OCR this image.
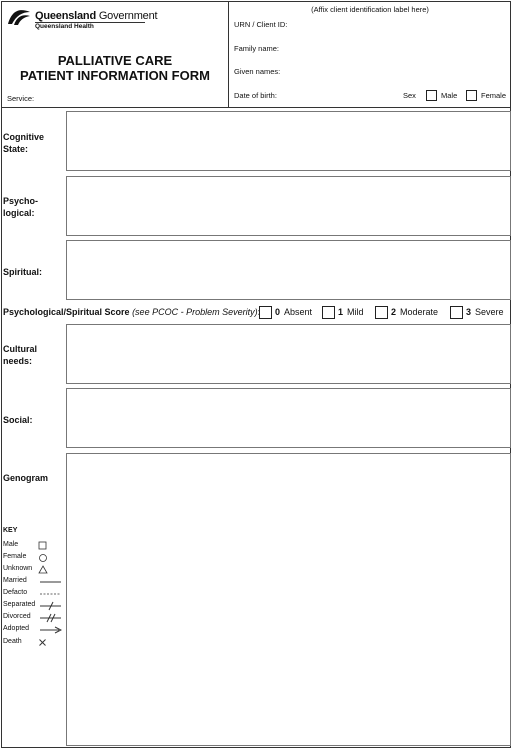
Queensland Government
Queensland Health
PALLIATIVE CARE
PATIENT INFORMATION FORM
Service:
(Affix client identification label here)
URN / Client ID:
Family name:
Given names:
Date of birth:	Sex	Male	Female
Cognitive State:
Psycho- logical:
Spiritual:
Psychological/Spiritual Score (see PCOC - Problem Severity)	0 Absent	1 Mild	2 Moderate	3 Severe
Cultural needs:
Social:
Genogram
KEY
Male
Female
Unknown
Married
Defacto
Separated
Divorced
Adopted
Death
